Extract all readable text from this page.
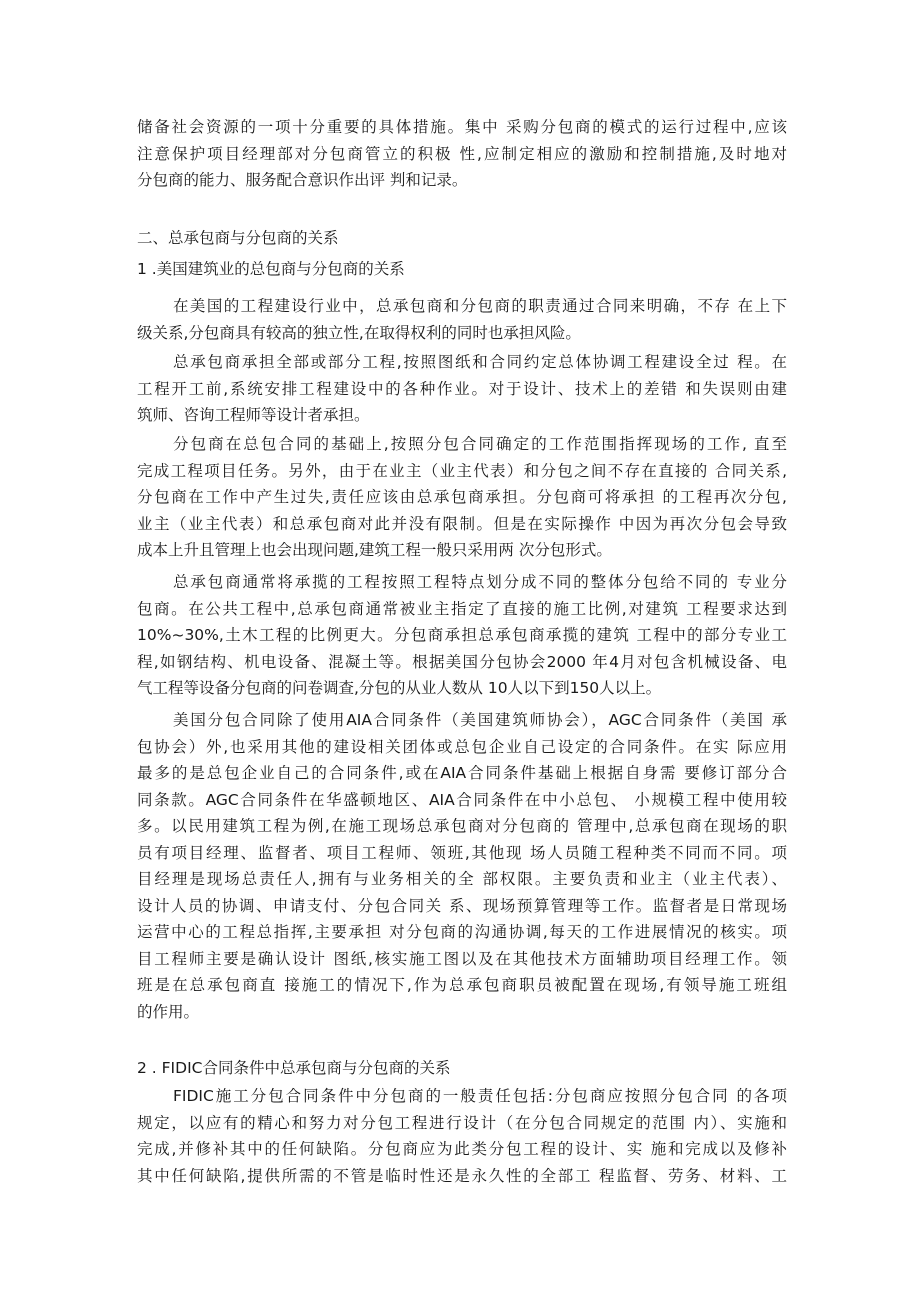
储备社会资源的一项十分重要的具体措施。集中 采购分包商的模式的运行过程中,应该

注意保护项目经理部对分包商管立的积极 性,应制定相应的激励和控制措施,及时地对

分包商的能力、服务配合意识作出评 判和记录。

二、总承包商与分包商的关系

1 .美国建筑业的总包商与分包商的关系

在美国的工程建设行业中，总承包商和分包商的职责通过合同来明确，不存 在上下

级关系,分包商具有较高的独立性,在取得权利的同时也承担风险。

总承包商承担全部或部分工程,按照图纸和合同约定总体协调工程建设全过 程。在

工程开工前,系统安排工程建设中的各种作业。对于设计、技术上的差错 和失误则由建

筑师、咨询工程师等设计者承担。

分包商在总包合同的基础上,按照分包合同确定的工作范围指挥现场的工作, 直至

完成工程项目任务。另外，由于在业主（业主代表）和分包之间不存在直接的 合同关系,

分包商在工作中产生过失,责任应该由总承包商承担。分包商可将承担 的工程再次分包,

业主（业主代表）和总承包商对此并没有限制。但是在实际操作 中因为再次分包会导致

成本上升且管理上也会出现问题,建筑工程一般只采用两 次分包形式。

总承包商通常将承揽的工程按照工程特点划分成不同的整体分包给不同的 专业分

包商。在公共工程中,总承包商通常被业主指定了直接的施工比例,对建筑 工程要求达到

10%~30%,土木工程的比例更大。分包商承担总承包商承揽的建筑 工程中的部分专业工

程,如钢结构、机电设备、混凝土等。根据美国分包协会2000 年4月对包含机械设备、电

气工程等设备分包商的问卷调查,分包的从业人数从 10人以下到150人以上。

美国分包合同除了使用AIA合同条件（美国建筑师协会），AGC合同条件（美国 承

包协会）外,也采用其他的建设相关团体或总包企业自己设定的合同条件。在实 际应用

最多的是总包企业自己的合同条件,或在AIA合同条件基础上根据自身需 要修订部分合

同条款。AGC合同条件在华盛顿地区、AIA合同条件在中小总包、 小规模工程中使用较

多。以民用建筑工程为例,在施工现场总承包商对分包商的 管理中,总承包商在现场的职

员有项目经理、监督者、项目工程师、领班,其他现 场人员随工程种类不同而不同。项

目经理是现场总责任人,拥有与业务相关的全 部权限。主要负责和业主（业主代表）、

设计人员的协调、申请支付、分包合同关 系、现场预算管理等工作。监督者是日常现场

运营中心的工程总指挥,主要承担 对分包商的沟通协调,每天的工作进展情况的核实。项

目工程师主要是确认设计 图纸,核实施工图以及在其他技术方面辅助项目经理工作。领

班是在总承包商直 接施工的情况下,作为总承包商职员被配置在现场,有领导施工班组

的作用。

2 . FIDIC合同条件中总承包商与分包商的关系

FIDIC施工分包合同条件中分包商的一般责任包括:分包商应按照分包合同 的各项

规定，以应有的精心和努力对分包工程进行设计（在分包合同规定的范围 内）、实施和

完成,并修补其中的任何缺陷。分包商应为此类分包工程的设计、实 施和完成以及修补

其中任何缺陷,提供所需的不管是临时性还是永久性的全部工 程监督、劳务、材料、工
